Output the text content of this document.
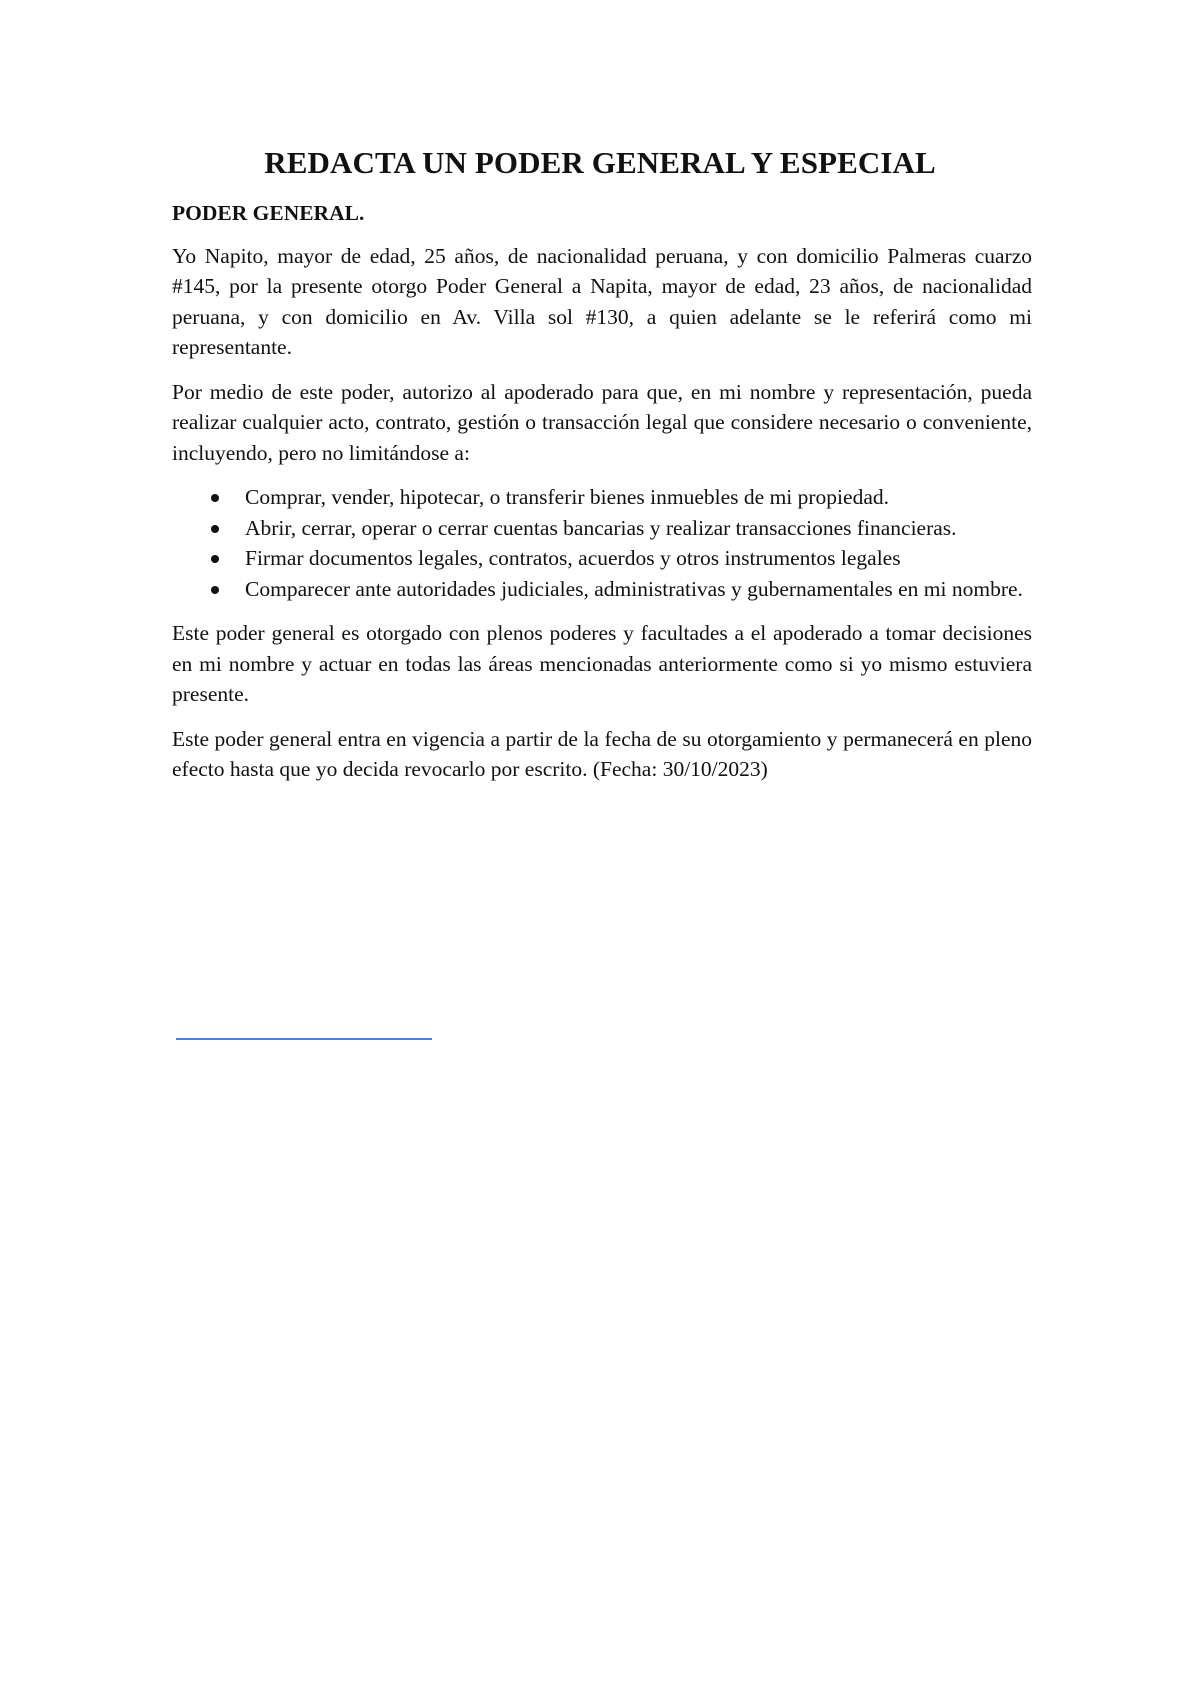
REDACTA UN PODER GENERAL Y ESPECIAL
PODER GENERAL.

Yo Napito, mayor de edad, 25 años, de nacionalidad peruana, y con domicilio Palmeras cuarzo #145, por la presente otorgo Poder General a Napita, mayor de edad, 23 años, de nacionalidad peruana, y con domicilio en Av. Villa sol #130, a quien adelante se le referirá como mi representante.

Por medio de este poder, autorizo al apoderado para que, en mi nombre y representación, pueda realizar cualquier acto, contrato, gestión o transacción legal que considere necesario o conveniente, incluyendo, pero no limitándose a:

Comprar, vender, hipotecar, o transferir bienes inmuebles de mi propiedad.
Abrir, cerrar, operar o cerrar cuentas bancarias y realizar transacciones financieras.
Firmar documentos legales, contratos, acuerdos y otros instrumentos legales
Comparecer ante autoridades judiciales, administrativas y gubernamentales en mi nombre.

Este poder general es otorgado con plenos poderes y facultades a el apoderado a tomar decisiones en mi nombre y actuar en todas las áreas mencionadas anteriormente como si yo mismo estuviera presente.

Este poder general entra en vigencia a partir de la fecha de su otorgamiento y permanecerá en pleno efecto hasta que yo decida revocarlo por escrito. (Fecha: 30/10/2023)
